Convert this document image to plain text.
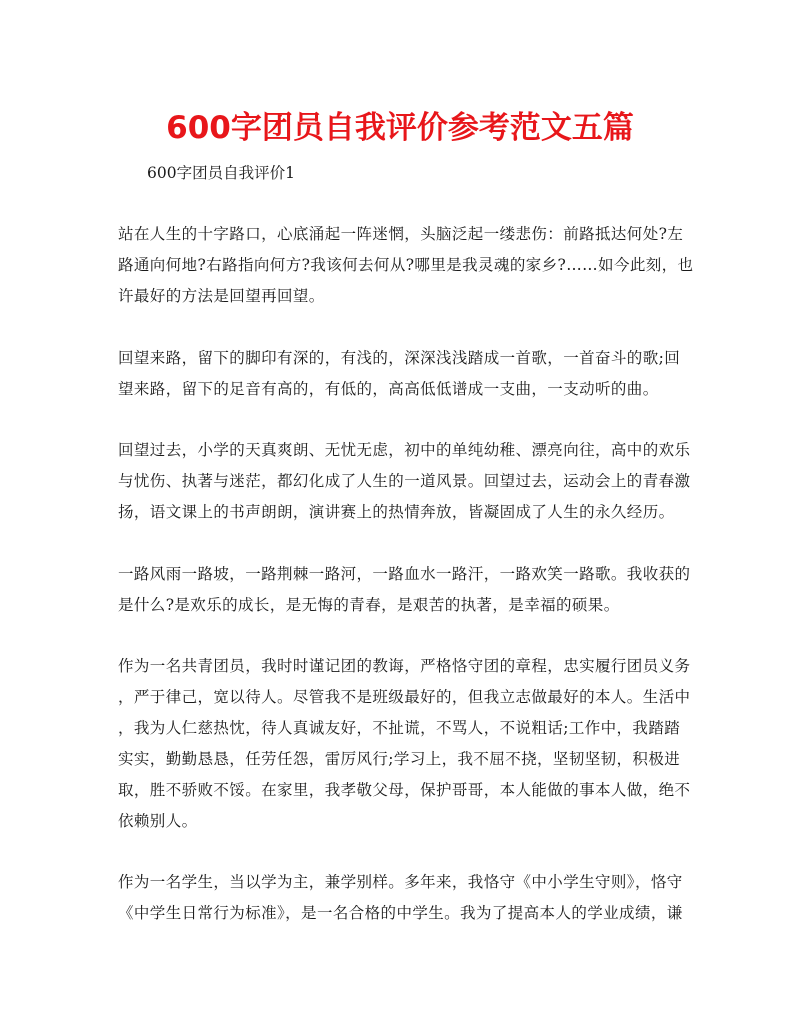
600字团员自我评价参考范文五篇

600字团员自我评价1

站在人生的十字路口，心底涌起一阵迷惘，头脑泛起一缕悲伤：前路抵达何处?左
路通向何地?右路指向何方?我该何去何从?哪里是我灵魂的家乡?……如今此刻，也
许最好的方法是回望再回望。

回望来路，留下的脚印有深的，有浅的，深深浅浅踏成一首歌，一首奋斗的歌;回
望来路，留下的足音有高的，有低的，高高低低谱成一支曲，一支动听的曲。

回望过去，小学的天真爽朗、无忧无虑，初中的单纯幼稚、漂亮向往，高中的欢乐
与忧伤、执著与迷茫，都幻化成了人生的一道风景。回望过去，运动会上的青春激
扬，语文课上的书声朗朗，演讲赛上的热情奔放，皆凝固成了人生的永久经历。

一路风雨一路坡，一路荆棘一路河，一路血水一路汗，一路欢笑一路歌。我收获的
是什么?是欢乐的成长，是无悔的青春，是艰苦的执著，是幸福的硕果。

作为一名共青团员，我时时谨记团的教诲，严格恪守团的章程，忠实履行团员义务
，严于律己，宽以待人。尽管我不是班级最好的，但我立志做最好的本人。生活中
，我为人仁慈热忱，待人真诚友好，不扯谎，不骂人，不说粗话;工作中，我踏踏
实实，勤勤恳恳，任劳任怨，雷厉风行;学习上，我不屈不挠，坚韧坚韧，积极进
取，胜不骄败不馁。在家里，我孝敬父母，保护哥哥，本人能做的事本人做，绝不
依赖别人。

作为一名学生，当以学为主，兼学别样。多年来，我恪守《中小学生守则》，恪守
《中学生日常行为标准》，是一名合格的中学生。我为了提高本人的学业成绩，谦
